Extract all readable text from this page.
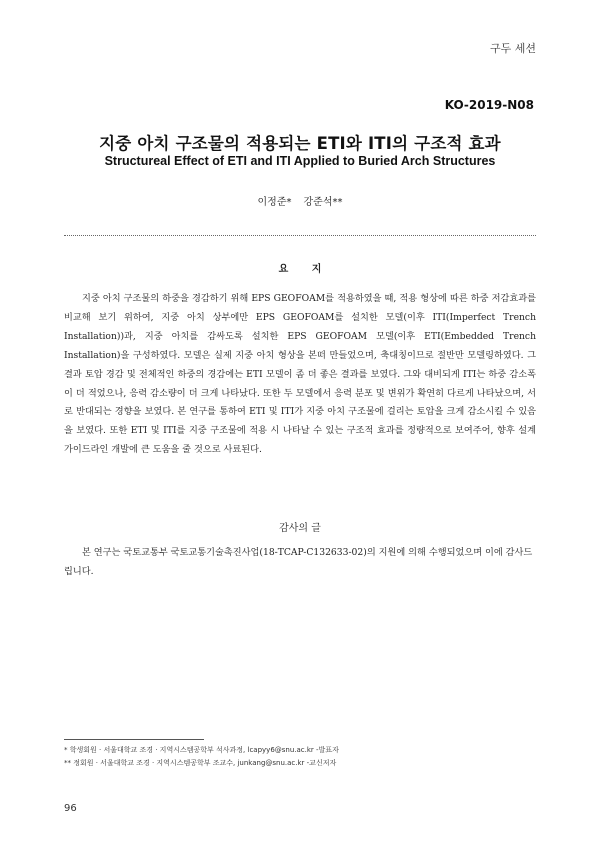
구두 세션
KO-2019-N08
지중 아치 구조물의 적용되는 ETI와 ITI의 구조적 효과
Structureal Effect of ETI and ITI Applied to Buried Arch Structures
이정준* 강준석**
요 지
지중 아치 구조물의 하중을 경감하기 위해 EPS GEOFOAM를 적용하였을 때, 적용 형상에 따른 하중 저감효과를 비교해 보기 위하여, 지중 아치 상부에만 EPS GEOFOAM를 설치한 모델(이후 ITI(Imperfect Trench Installation))과, 지중 아치를 감싸도록 설치한 EPS GEOFOAM 모델(이후 ETI(Embedded Trench Installation)을 구성하였다. 모델은 실제 지중 아치 형상을 본떠 만들었으며, 축대칭이므로 절반만 모델링하였다. 그 결과 토압 경감 및 전체적인 하중의 경감에는 ETI 모델이 좀 더 좋은 결과를 보였다. 그와 대비되게 ITI는 하중 감소폭이 더 적었으나, 응력 감소량이 더 크게 나타났다. 또한 두 모델에서 응력 분포 및 변위가 확연히 다르게 나타났으며, 서로 반대되는 경향을 보였다. 본 연구를 통하여 ETI 및 ITI가 지중 아치 구조물에 걸리는 토압을 크게 감소시킬 수 있음을 보였다. 또한 ETI 및 ITI를 지중 구조물에 적용 시 나타날 수 있는 구조적 효과를 정량적으로 보여주어, 향후 설계 가이드라인 개발에 큰 도움을 줄 것으로 사료된다.
감사의 글
본 연구는 국토교통부 국토교통기술촉진사업(18-TCAP-C132633-02)의 지원에 의해 수행되었으며 이에 감사드립니다.
* 학생회원 · 서울대학교 조경 · 지역시스템공학부 석사과정, lcapyy6@snu.ac.kr -발표자
** 정회원 · 서울대학교 조경 · 지역시스템공학부 조교수, junkang@snu.ac.kr -교신저자
96
